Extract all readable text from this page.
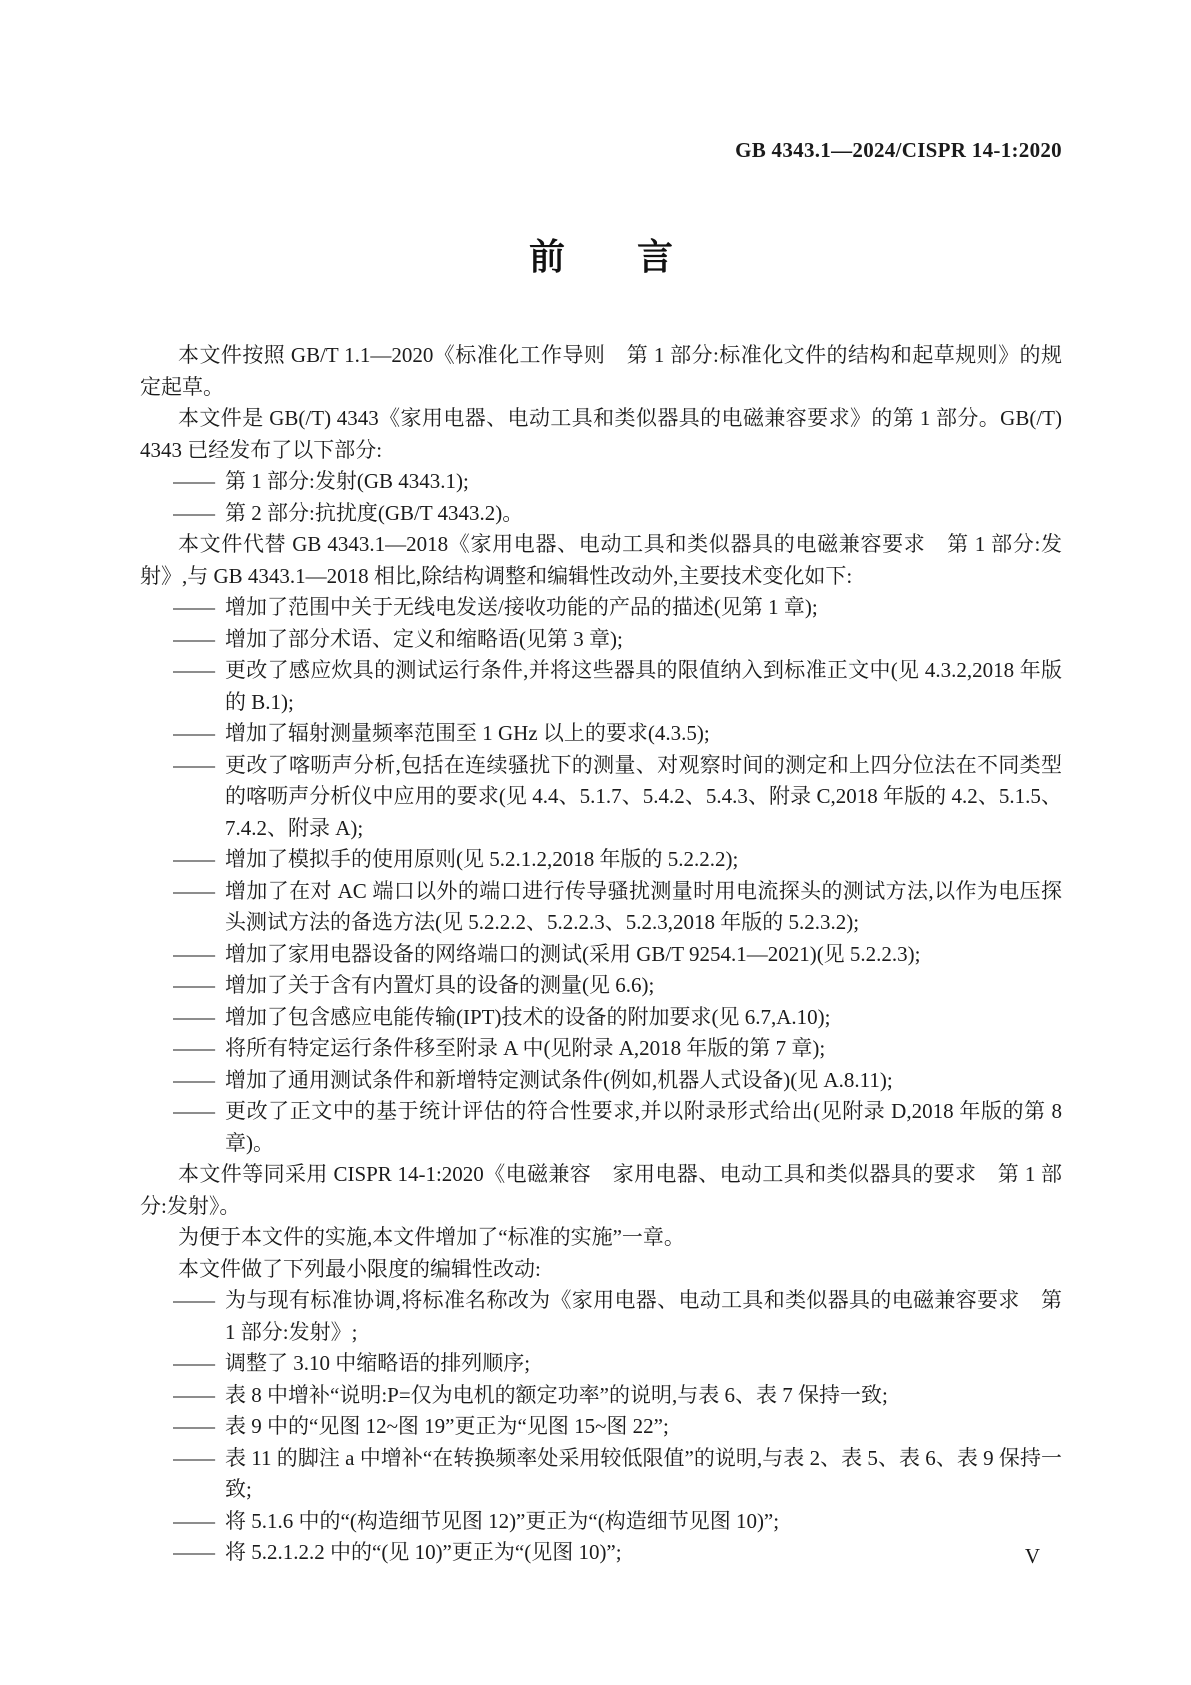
GB 4343.1—2024/CISPR 14-1:2020
前　　言
本文件按照 GB/T 1.1—2020《标准化工作导则　第 1 部分:标准化文件的结构和起草规则》的规定起草。
本文件是 GB(/T) 4343《家用电器、电动工具和类似器具的电磁兼容要求》的第 1 部分。GB(/T) 4343 已经发布了以下部分:
—— 第 1 部分:发射(GB 4343.1);
—— 第 2 部分:抗扰度(GB/T 4343.2)。
本文件代替 GB 4343.1—2018《家用电器、电动工具和类似器具的电磁兼容要求　第 1 部分:发射》,与 GB 4343.1—2018 相比,除结构调整和编辑性改动外,主要技术变化如下:
—— 增加了范围中关于无线电发送/接收功能的产品的描述(见第 1 章);
—— 增加了部分术语、定义和缩略语(见第 3 章);
—— 更改了感应炊具的测试运行条件,并将这些器具的限值纳入到标准正文中(见 4.3.2,2018 年版的 B.1);
—— 增加了辐射测量频率范围至 1 GHz 以上的要求(4.3.5);
—— 更改了喀呖声分析,包括在连续骚扰下的测量、对观察时间的测定和上四分位法在不同类型的喀呖声分析仪中应用的要求(见 4.4、5.1.7、5.4.2、5.4.3、附录 C,2018 年版的 4.2、5.1.5、7.4.2、附录 A);
—— 增加了模拟手的使用原则(见 5.2.1.2,2018 年版的 5.2.2.2);
—— 增加了在对 AC 端口以外的端口进行传导骚扰测量时用电流探头的测试方法,以作为电压探头测试方法的备选方法(见 5.2.2.2、5.2.2.3、5.2.3,2018 年版的 5.2.3.2);
—— 增加了家用电器设备的网络端口的测试(采用 GB/T 9254.1—2021)(见 5.2.2.3);
—— 增加了关于含有内置灯具的设备的测量(见 6.6);
—— 增加了包含感应电能传输(IPT)技术的设备的附加要求(见 6.7,A.10);
—— 将所有特定运行条件移至附录 A 中(见附录 A,2018 年版的第 7 章);
—— 增加了通用测试条件和新增特定测试条件(例如,机器人式设备)(见 A.8.11);
—— 更改了正文中的基于统计评估的符合性要求,并以附录形式给出(见附录 D,2018 年版的第 8 章)。
本文件等同采用 CISPR 14-1:2020《电磁兼容　家用电器、电动工具和类似器具的要求　第 1 部分:发射》。
为便于本文件的实施,本文件增加了“标准的实施”一章。
本文件做了下列最小限度的编辑性改动:
—— 为与现有标准协调,将标准名称改为《家用电器、电动工具和类似器具的电磁兼容要求　第 1 部分:发射》;
—— 调整了 3.10 中缩略语的排列顺序;
—— 表 8 中增补“说明:P=仅为电机的额定功率”的说明,与表 6、表 7 保持一致;
—— 表 9 中的“见图 12~图 19”更正为“见图 15~图 22”;
—— 表 11 的脚注 a 中增补“在转换频率处采用较低限值”的说明,与表 2、表 5、表 6、表 9 保持一致;
—— 将 5.1.6 中的“(构造细节见图 12)”更正为“(构造细节见图 10)”;
—— 将 5.2.1.2.2 中的“(见 10)”更正为“(见图 10)”;	V
